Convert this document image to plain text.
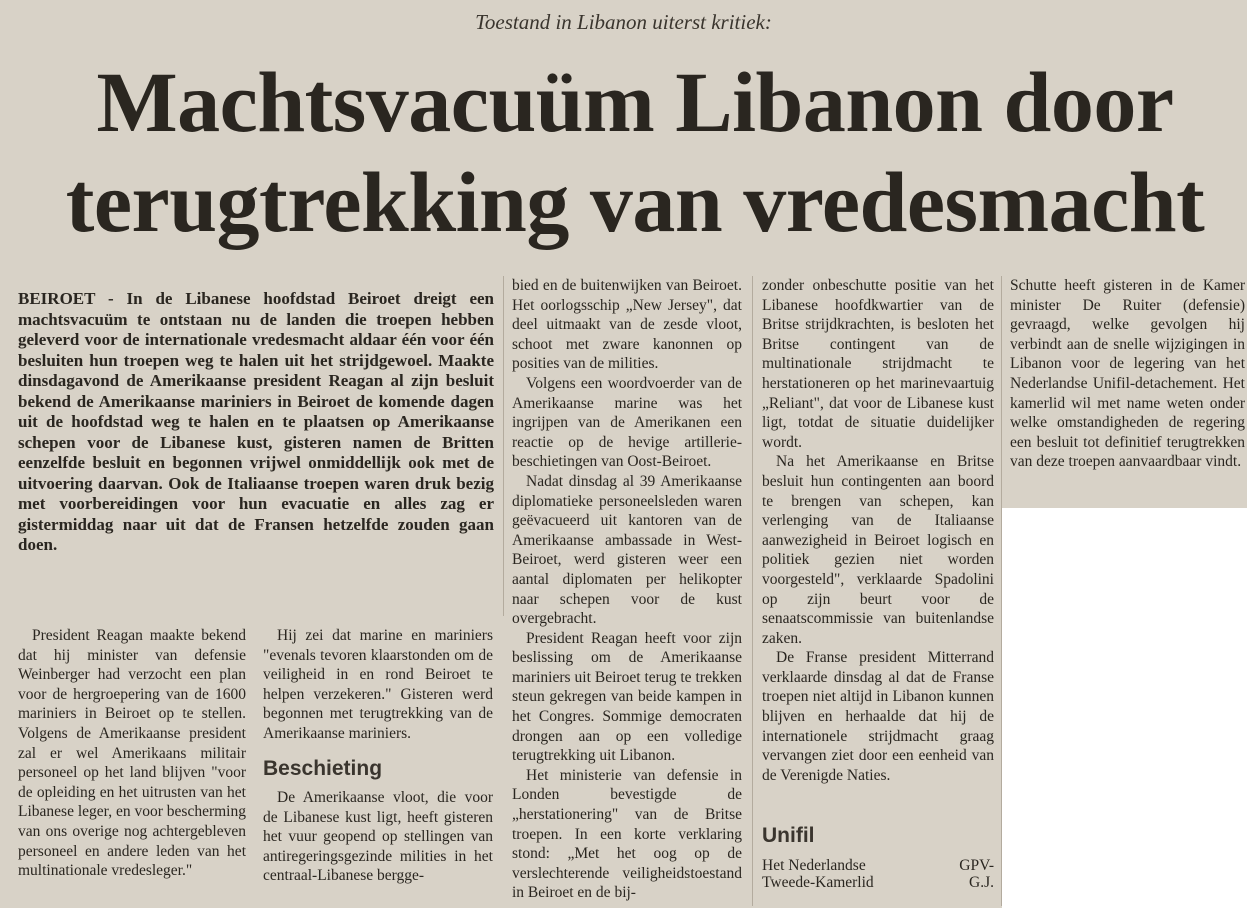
Toestand in Libanon uiterst kritiek:
Machtsvacuüm Libanon door terugtrekking van vredesmacht

BEIROET - In de Libanese hoofdstad Beiroet dreigt een machtsvacuüm te ontstaan nu de landen die troepen hebben geleverd voor de internationale vredesmacht aldaar één voor één besluiten hun troepen weg te halen uit het strijdgewoel. Maakte dinsdagavond de Amerikaanse president Reagan al zijn besluit bekend de Amerikaanse mariniers in Beiroet de komende dagen uit de hoofdstad weg te halen en te plaatsen op Amerikaanse schepen voor de Libanese kust, gisteren namen de Britten eenzelfde besluit en begonnen vrijwel onmiddellijk ook met de uitvoering daarvan. Ook de Italiaanse troepen waren druk bezig met voorbereidingen voor hun evacuatie en alles zag er gistermiddag naar uit dat de Fransen hetzelfde zouden gaan doen.

President Reagan maakte bekend dat hij minister van defensie Weinberger had verzocht een plan voor de hergroepering van de 1600 mariniers in Beiroet op te stellen. Volgens de Amerikaanse president zal er wel Amerikaans militair personeel op het land blijven "voor de opleiding en het uitrusten van het Libanese leger, en voor bescherming van ons overige nog achtergebleven personeel en andere leden van het multinationale vredesleger."

Hij zei dat marine en mariniers "evenals tevoren klaarstonden om de veiligheid in en rond Beiroet te helpen verzekeren." Gisteren werd begonnen met terugtrekking van de Amerikaanse mariniers.

Beschieting

De Amerikaanse vloot, die voor de Libanese kust ligt, heeft gisteren het vuur geopend op stellingen van antiregeringsgezinde milities in het centraal-Libanese bergge-

bied en de buitenwijken van Beiroet. Het oorlogsschip „New Jersey", dat deel uitmaakt van de zesde vloot, schoot met zware kanonnen op posities van de milities.

Volgens een woordvoerder van de Amerikaanse marine was het ingrijpen van de Amerikanen een reactie op de hevige artillerie-beschietingen van Oost-Beiroet.

Nadat dinsdag al 39 Amerikaanse diplomatieke personeelsleden waren geëvacueerd uit kantoren van de Amerikaanse ambassade in West-Beiroet, werd gisteren weer een aantal diplomaten per helikopter naar schepen voor de kust overgebracht.

President Reagan heeft voor zijn beslissing om de Amerikaanse mariniers uit Beiroet terug te trekken steun gekregen van beide kampen in het Congres. Sommige democraten drongen aan op een volledige terugtrekking uit Libanon.

Het ministerie van defensie in Londen bevestigde de „herstationering" van de Britse troepen. In een korte verklaring stond: „Met het oog op de verslechterende veiligheidstoestand in Beiroet en de bij-

zonder onbeschutte positie van het Libanese hoofdkwartier van de Britse strijdkrachten, is besloten het Britse contingent van de multinationale strijdmacht te herstationeren op het marinevaartuig „Reliant", dat voor de Libanese kust ligt, totdat de situatie duidelijker wordt.

Na het Amerikaanse en Britse besluit hun contingenten aan boord te brengen van schepen, kan verlenging van de Italiaanse aanwezigheid in Beiroet logisch en politiek gezien niet worden voorgesteld", verklaarde Spadolini op zijn beurt voor de senaatscommissie van buitenlandse zaken.

De Franse president Mitterrand verklaarde dinsdag al dat de Franse troepen niet altijd in Libanon kunnen blijven en herhaalde dat hij de internationele strijdmacht graag vervangen ziet door een eenheid van de Verenigde Naties.

Unifil
Het Nederlandse	GPV-
Tweede-Kamerlid	G.J.

Schutte heeft gisteren in de Kamer minister De Ruiter (defensie) gevraagd, welke gevolgen hij verbindt aan de snelle wijzigingen in Libanon voor de legering van het Nederlandse Unifil-detachement. Het kamerlid wil met name weten onder welke omstandigheden de regering een besluit tot definitief terugtrekken van deze troepen aanvaardbaar vindt.
